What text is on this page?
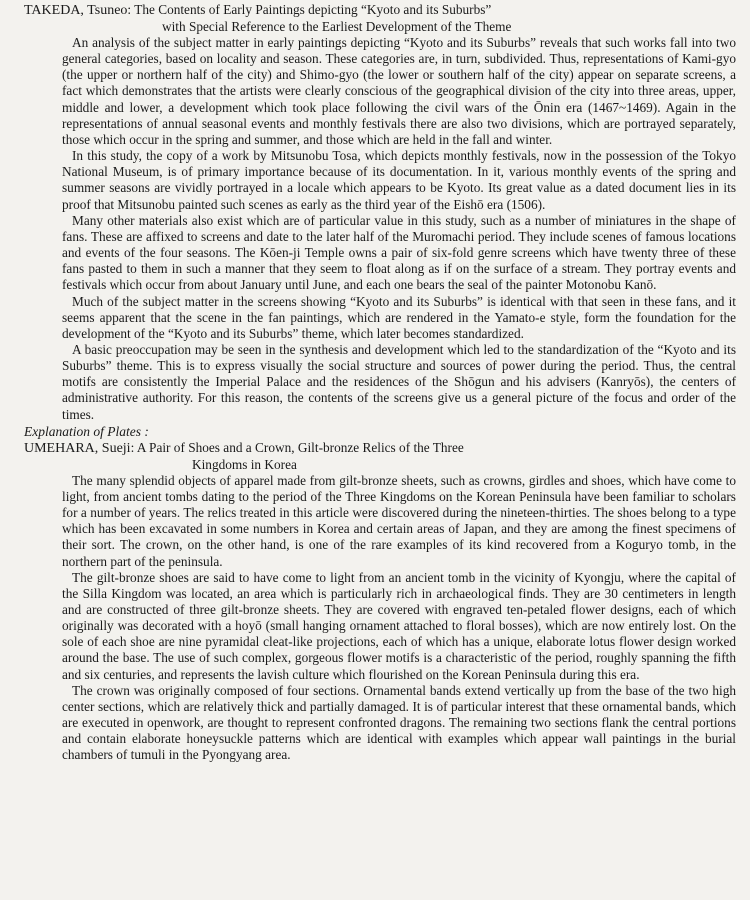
TAKEDA, Tsuneo: The Contents of Early Paintings depicting “Kyoto and its Suburbs”
with Special Reference to the Earliest Development of the Theme

An analysis of the subject matter in early paintings depicting “Kyoto and its Suburbs” reveals that such works fall into two general categories, based on locality and season. These categories are, in turn, subdivided. Thus, representations of Kami-gyo (the upper or northern half of the city) and Shimo-gyo (the lower or southern half of the city) appear on separate screens, a fact which demonstrates that the artists were clearly conscious of the geographical division of the city into three areas, upper, middle and lower, a development which took place following the civil wars of the Ōnin era (1467~1469). Again in the representations of annual seasonal events and monthly festivals there are also two divisions, which are portrayed separately, those which occur in the spring and summer, and those which are held in the fall and winter.

In this study, the copy of a work by Mitsunobu Tosa, which depicts monthly festivals, now in the possession of the Tokyo National Museum, is of primary importance because of its documentation. In it, various monthly events of the spring and summer seasons are vividly portrayed in a locale which appears to be Kyoto. Its great value as a dated document lies in its proof that Mitsunobu painted such scenes as early as the third year of the Eishō era (1506).

Many other materials also exist which are of particular value in this study, such as a number of miniatures in the shape of fans. These are affixed to screens and date to the later half of the Muromachi period. They include scenes of famous locations and events of the four seasons. The Kōen-ji Temple owns a pair of six-fold genre screens which have twenty three of these fans pasted to them in such a manner that they seem to float along as if on the surface of a stream. They portray events and festivals which occur from about January until June, and each one bears the seal of the painter Motonobu Kanō.

Much of the subject matter in the screens showing “Kyoto and its Suburbs” is identical with that seen in these fans, and it seems apparent that the scene in the fan paintings, which are rendered in the Yamato-e style, form the foundation for the development of the “Kyoto and its Suburbs” theme, which later becomes standardized.

A basic preoccupation may be seen in the synthesis and development which led to the standardization of the “Kyoto and its Suburbs” theme. This is to express visually the social structure and sources of power during the period. Thus, the central motifs are consistently the Imperial Palace and the residences of the Shōgun and his advisers (Kanryōs), the centers of administrative authority. For this reason, the contents of the screens give us a general picture of the focus and order of the times.

Explanation of Plates :
UMEHARA, Sueji: A Pair of Shoes and a Crown, Gilt-bronze Relics of the Three
Kingdoms in Korea

The many splendid objects of apparel made from gilt-bronze sheets, such as crowns, girdles and shoes, which have come to light, from ancient tombs dating to the period of the Three Kingdoms on the Korean Peninsula have been familiar to scholars for a number of years. The relics treated in this article were discovered during the nineteen-thirties. The shoes belong to a type which has been excavated in some numbers in Korea and certain areas of Japan, and they are among the finest specimens of their sort. The crown, on the other hand, is one of the rare examples of its kind recovered from a Koguryo tomb, in the northern part of the peninsula.

The gilt-bronze shoes are said to have come to light from an ancient tomb in the vicinity of Kyongju, where the capital of the Silla Kingdom was located, an area which is particularly rich in archaeological finds. They are 30 centimeters in length and are constructed of three gilt-bronze sheets. They are covered with engraved ten-petaled flower designs, each of which originally was decorated with a hoyō (small hanging ornament attached to floral bosses), which are now entirely lost. On the sole of each shoe are nine pyramidal cleat-like projections, each of which has a unique, elaborate lotus flower design worked around the base. The use of such complex, gorgeous flower motifs is a characteristic of the period, roughly spanning the fifth and six centuries, and represents the lavish culture which flourished on the Korean Peninsula during this era.

The crown was originally composed of four sections. Ornamental bands extend vertically up from the base of the two high center sections, which are relatively thick and partially damaged. It is of particular interest that these ornamental bands, which are executed in openwork, are thought to represent confronted dragons. The remaining two sections flank the central portions and contain elaborate honeysuckle patterns which are identical with examples which appear wall paintings in the burial chambers of tumuli in the Pyongyang area.
